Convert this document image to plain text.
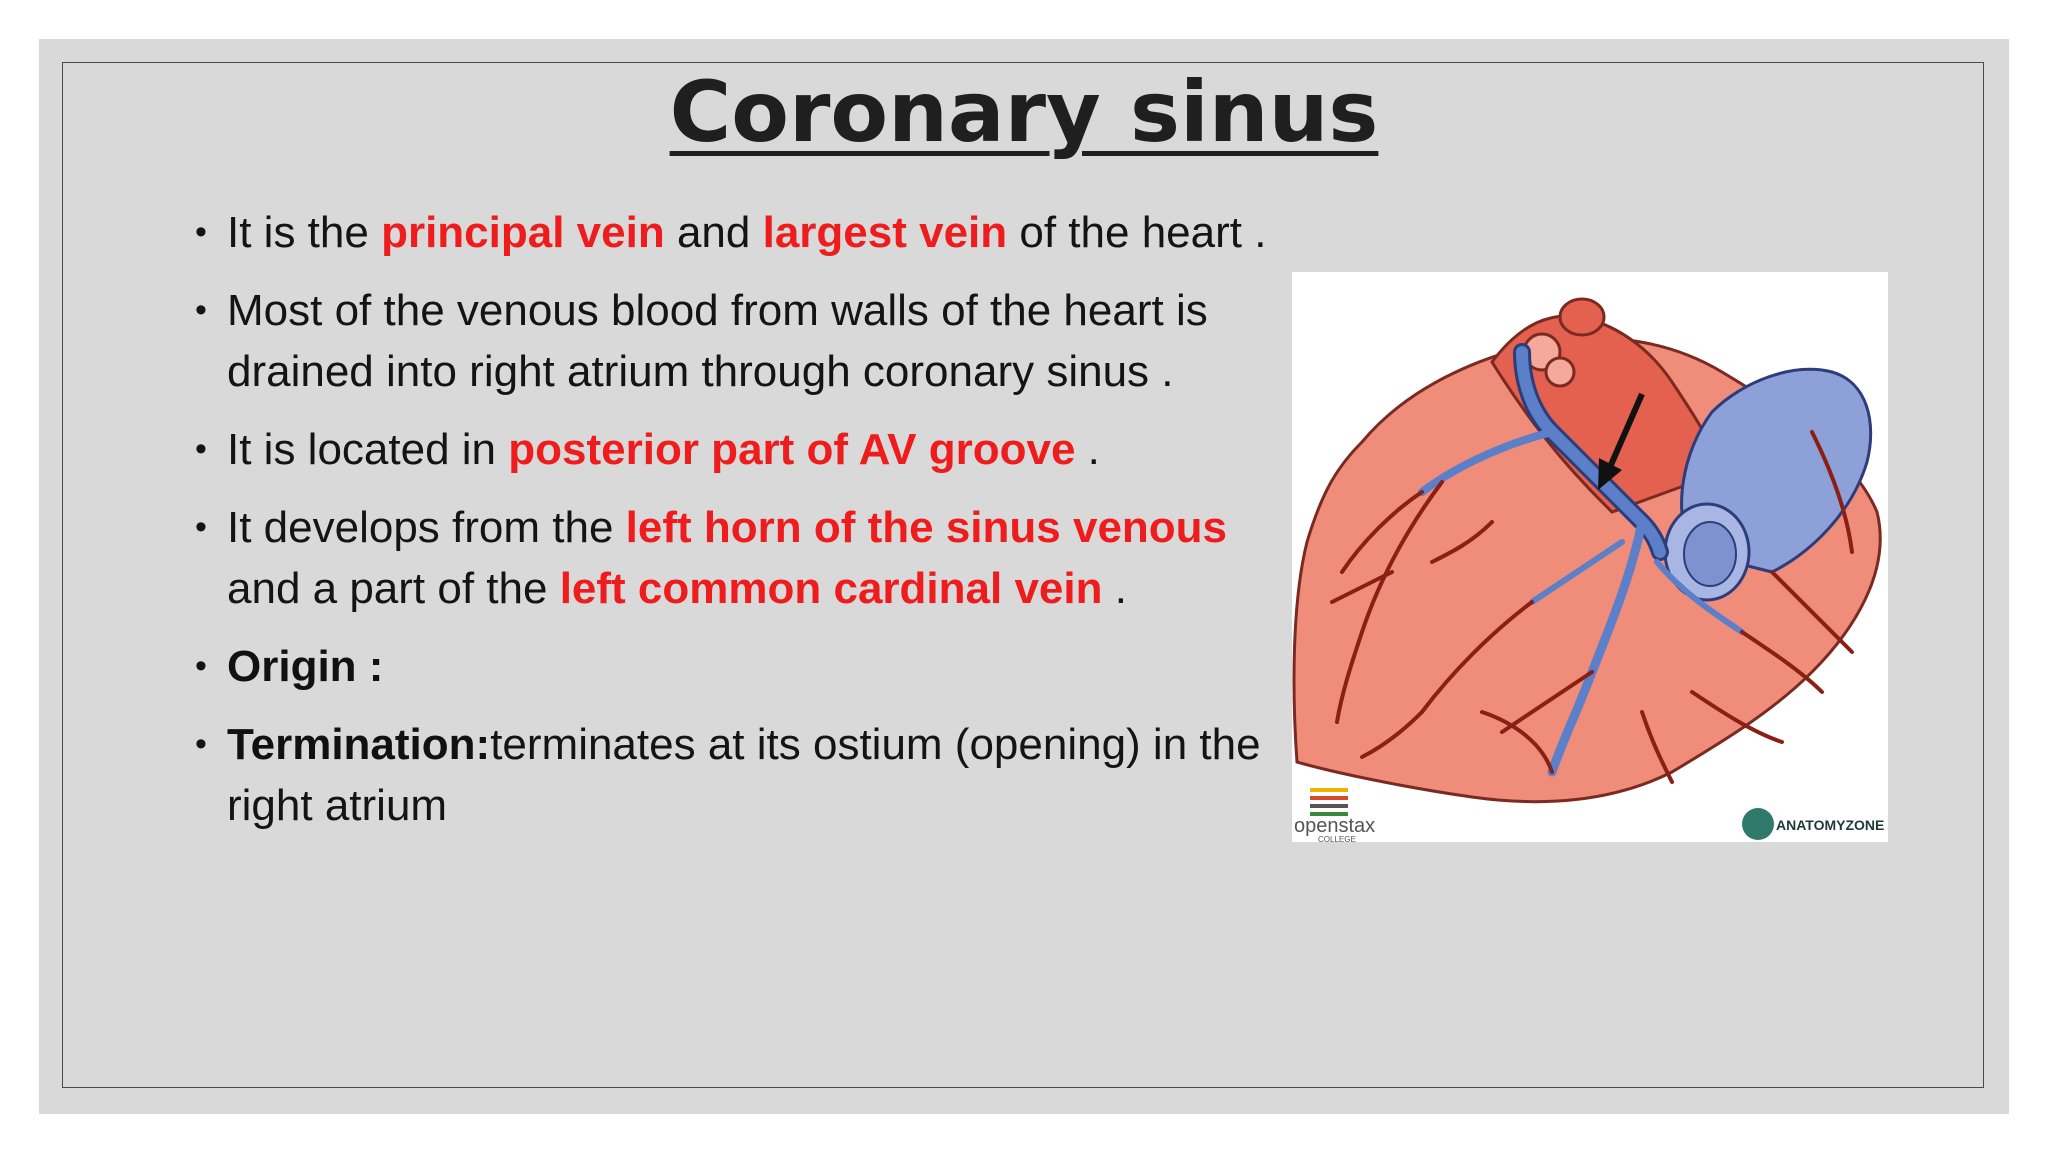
Coronary sinus
• It is the principal vein and largest vein of the heart .
• Most of the venous blood from walls of the heart is drained into right atrium through coronary sinus .
• It is located in posterior part of AV groove .
• It develops from the left horn of the sinus venous and a part of the left common cardinal vein .
• Origin :
• Termination:terminates at its ostium (opening) in the right atrium	openstax
COLLEGE
ANATOMYZONE
